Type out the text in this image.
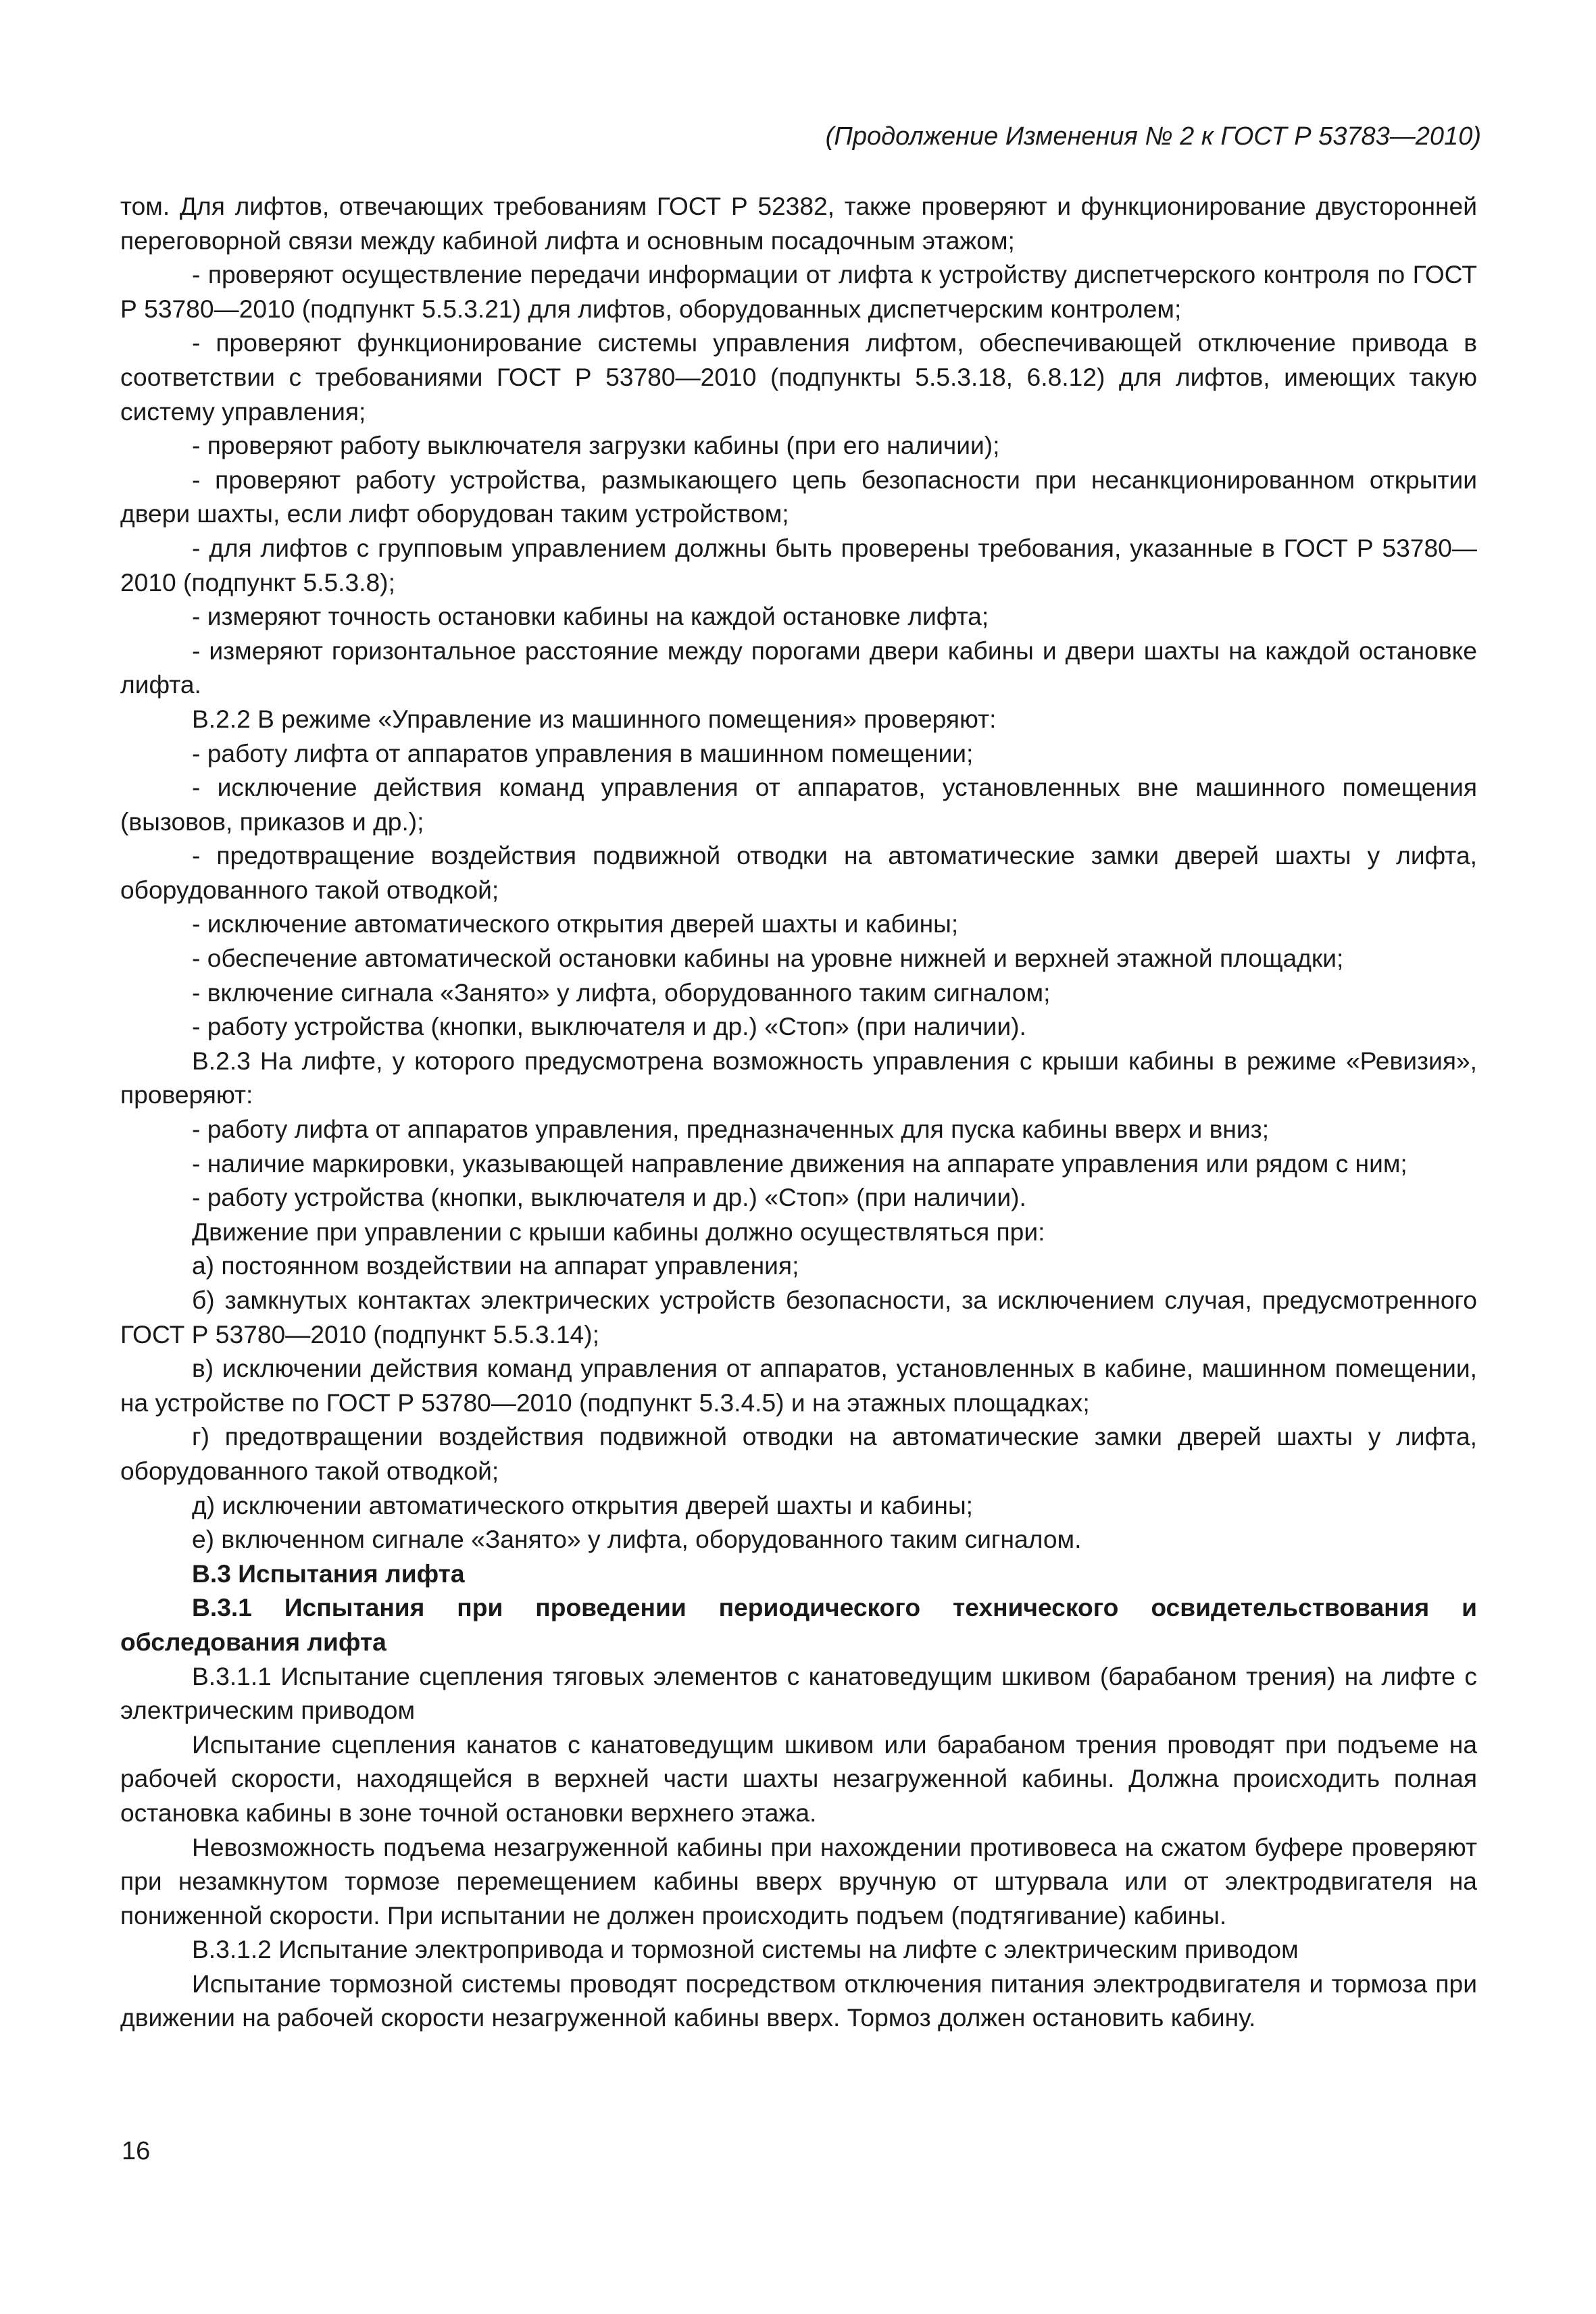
(Продолжение Изменения № 2 к ГОСТ Р 53783—2010)

том. Для лифтов, отвечающих требованиям ГОСТ Р 52382, также проверяют и функционирование двусторонней переговорной связи между кабиной лифта и основным посадочным этажом;

- проверяют осуществление передачи информации от лифта к устройству диспетчерского контроля по ГОСТ Р 53780—2010 (подпункт 5.5.3.21) для лифтов, оборудованных диспетчерским контролем;

- проверяют функционирование системы управления лифтом, обеспечивающей отключение привода в соответствии с требованиями ГОСТ Р 53780—2010 (подпункты 5.5.3.18, 6.8.12) для лифтов, имеющих такую систему управления;

- проверяют работу выключателя загрузки кабины (при его наличии);

- проверяют работу устройства, размыкающего цепь безопасности при несанкционированном открытии двери шахты, если лифт оборудован таким устройством;

- для лифтов с групповым управлением должны быть проверены требования, указанные в ГОСТ Р 53780—2010 (подпункт 5.5.3.8);

- измеряют точность остановки кабины на каждой остановке лифта;

- измеряют горизонтальное расстояние между порогами двери кабины и двери шахты на каждой остановке лифта.

В.2.2 В режиме «Управление из машинного помещения» проверяют:

- работу лифта от аппаратов управления в машинном помещении;

- исключение действия команд управления от аппаратов, установленных вне машинного помещения (вызовов, приказов и др.);

- предотвращение воздействия подвижной отводки на автоматические замки дверей шахты у лифта, оборудованного такой отводкой;

- исключение автоматического открытия дверей шахты и кабины;

- обеспечение автоматической остановки кабины на уровне нижней и верхней этажной площадки;

- включение сигнала «Занято» у лифта, оборудованного таким сигналом;

- работу устройства (кнопки, выключателя и др.) «Стоп» (при наличии).

В.2.3 На лифте, у которого предусмотрена возможность управления с крыши кабины в режиме «Ревизия», проверяют:

- работу лифта от аппаратов управления, предназначенных для пуска кабины вверх и вниз;

- наличие маркировки, указывающей направление движения на аппарате управления или рядом с ним;

- работу устройства (кнопки, выключателя и др.) «Стоп» (при наличии).

Движение при управлении с крыши кабины должно осуществляться при:

а) постоянном воздействии на аппарат управления;

б) замкнутых контактах электрических устройств безопасности, за исключением случая, предусмотренного ГОСТ Р 53780—2010 (подпункт 5.5.3.14);

в) исключении действия команд управления от аппаратов, установленных в кабине, машинном помещении, на устройстве по ГОСТ Р 53780—2010 (подпункт 5.3.4.5) и на этажных площадках;

г) предотвращении воздействия подвижной отводки на автоматические замки дверей шахты у лифта, оборудованного такой отводкой;

д) исключении автоматического открытия дверей шахты и кабины;

е) включенном сигнале «Занято» у лифта, оборудованного таким сигналом.

В.3 Испытания лифта

В.3.1 Испытания при проведении периодического технического освидетельствования и обследования лифта

В.3.1.1 Испытание сцепления тяговых элементов с канатоведущим шкивом (барабаном трения) на лифте с электрическим приводом

Испытание сцепления канатов с канатоведущим шкивом или барабаном трения проводят при подъеме на рабочей скорости, находящейся в верхней части шахты незагруженной кабины. Должна происходить полная остановка кабины в зоне точной остановки верхнего этажа.

Невозможность подъема незагруженной кабины при нахождении противовеса на сжатом буфере проверяют при незамкнутом тормозе перемещением кабины вверх вручную от штурвала или от электродвигателя на пониженной скорости. При испытании не должен происходить подъем (подтягивание) кабины.

В.3.1.2 Испытание электропривода и тормозной системы на лифте с электрическим приводом

Испытание тормозной системы проводят посредством отключения питания электродвигателя и тормоза при движении на рабочей скорости незагруженной кабины вверх. Тормоз должен остановить кабину.

16
